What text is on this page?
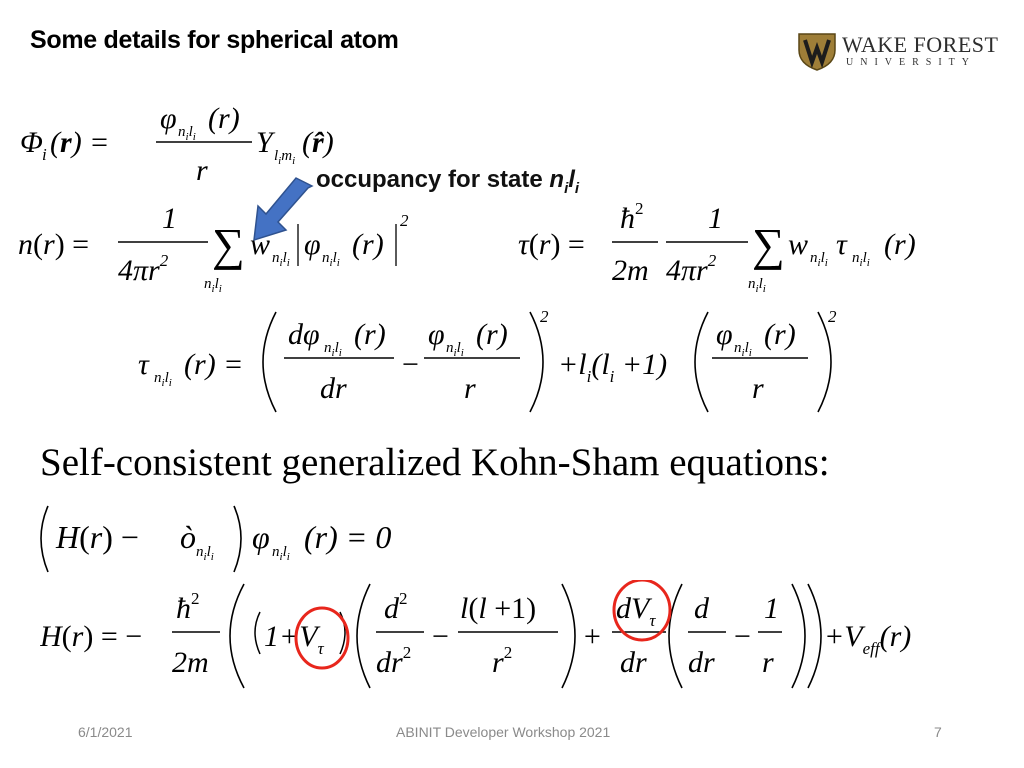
Some details for spherical atom	WAKE FOREST
UNIVERSITY
Φ i (r) =
φ $n_il_i$
(r)
r
Y $l_im_i$
(r̂)
occupancy for state $n_il_i$
n(r) =
1
$4\pi r^2$ ∑
$n_il_i$
w $n_il_i$
φ $n_il_i$
(r)
2
τ(r) =
$ħ^2$
2m
1
$4\pi r^2$ ∑
$n_il_i$
w $n_il_i$
τ $n_il_i$
(r)
τ $n_il_i$
(r) =
dφ $n_il_i$
(r)
dr
−
φ $n_il_i$
(r)
r
2
$+l_i(l_i +1)$
φ $n_il_i$
(r)
r
2
Self-consistent generalized Kohn-Sham equations:
H(r) − ò $n_il_i$
φ $n_il_i$
(r) = 0
H(r) = −
$ħ^2$
2m
$1+V_\tau$
$d^2$
$dr^2$ −
l(l +1)
$r^2$ +
$dV_\tau$
dr
d
dr
−
1
r
$+V_{eff}(r)$
6/1/2021	ABINIT Developer Workshop 2021	7
